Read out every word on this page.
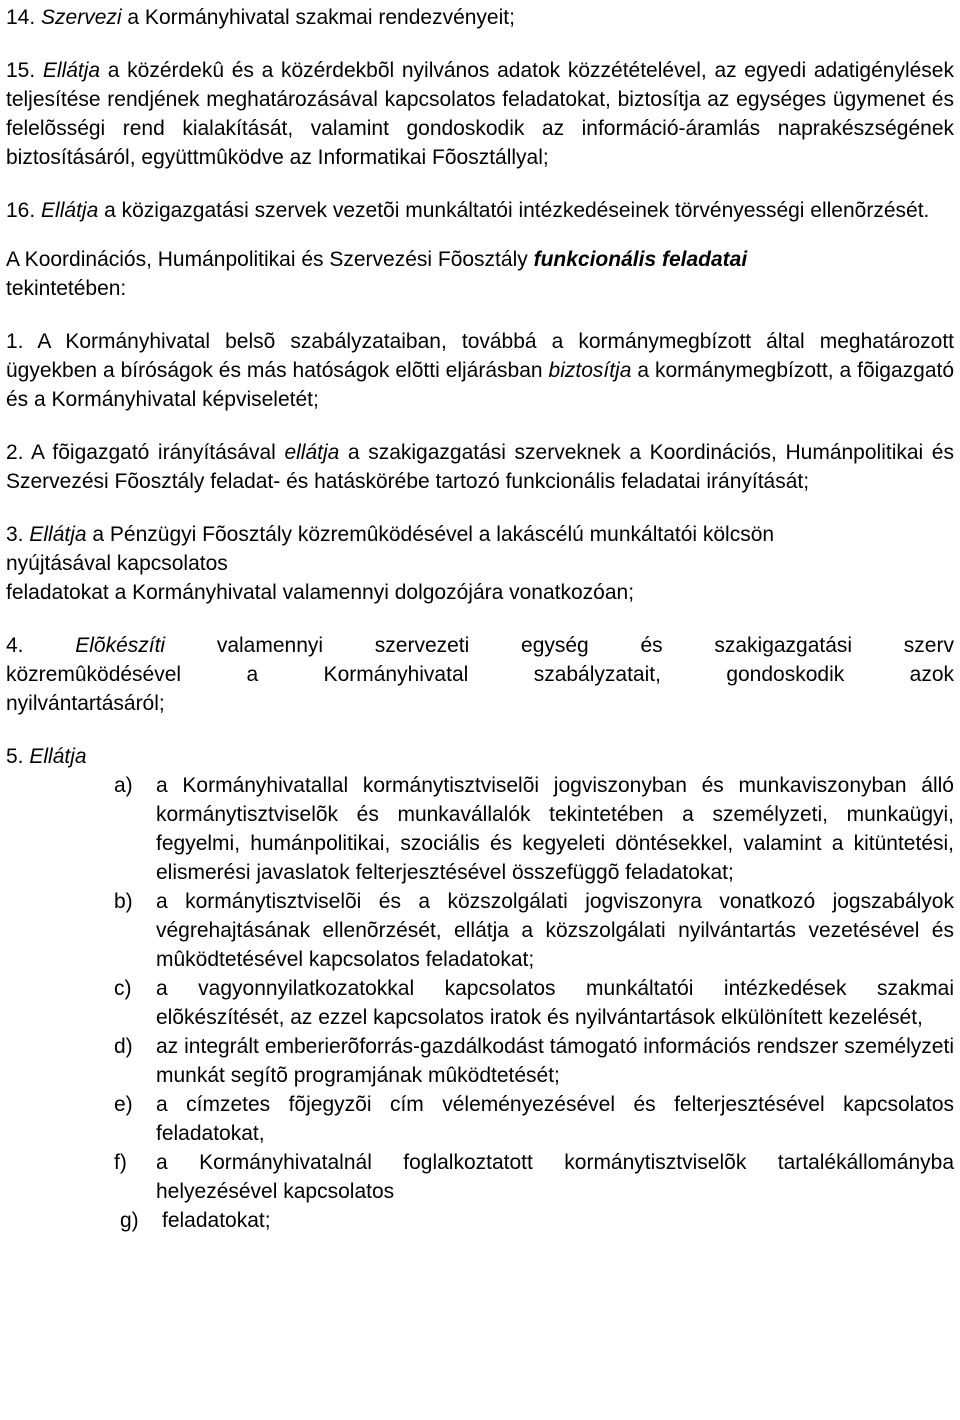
14. Szervezi a Kormányhivatal szakmai rendezvényeit;

15. Ellátja a közérdekû és a közérdekbõl nyilvános adatok közzétételével, az egyedi adatigénylések teljesítése rendjének meghatározásával kapcsolatos feladatokat, biztosítja az egységes ügymenet és felelõsségi rend kialakítását, valamint gondoskodik az információ-áramlás naprakészségének biztosításáról, együttmûködve az Informatikai Fõosztállyal;

16. Ellátja a közigazgatási szervek vezetõi munkáltatói intézkedéseinek törvényességi ellenõrzését.

A Koordinációs, Humánpolitikai és Szervezési Fõosztály funkcionális feladatai
tekintetében:

1. A Kormányhivatal belsõ szabályzataiban, továbbá a kormánymegbízott által meghatározott ügyekben a bíróságok és más hatóságok elõtti eljárásban biztosítja a kormánymegbízott, a fõigazgató és a Kormányhivatal képviseletét;

2. A fõigazgató irányításával ellátja a szakigazgatási szerveknek a Koordinációs, Humánpolitikai és Szervezési Fõosztály feladat- és hatáskörébe tartozó funkcionális feladatai irányítását;

3. Ellátja a Pénzügyi Fõosztály közremûködésével a lakáscélú munkáltatói kölcsön

nyújtásával kapcsolatos

feladatokat a Kormányhivatal valamennyi dolgozójára vonatkozóan;

4. Elõkészíti valamennyi szervezeti egység és szakigazgatási szerv

közremûködésével a Kormányhivatal szabályzatait, gondoskodik azok

nyilvántartásáról;

5. Ellátja

a)	a Kormányhivatallal kormánytisztviselõi jogviszonyban és munkaviszonyban álló kormánytisztviselõk és munkavállalók tekintetében a személyzeti, munkaügyi, fegyelmi, humánpolitikai, szociális és kegyeleti döntésekkel, valamint a kitüntetési, elismerési javaslatok felterjesztésével összefüggõ feladatokat;
b)	a kormánytisztviselõi és a közszolgálati jogviszonyra vonatkozó jogszabályok végrehajtásának ellenõrzését, ellátja a közszolgálati nyilvántartás vezetésével és mûködtetésével kapcsolatos feladatokat;
c)	a vagyonnyilatkozatokkal kapcsolatos munkáltatói intézkedések szakmai elõkészítését, az ezzel kapcsolatos iratok és nyilvántartások elkülönített kezelését,
d)	az integrált emberierõforrás-gazdálkodást támogató információs rendszer személyzeti munkát segítõ programjának mûködtetését;
e)	a címzetes fõjegyzõi cím véleményezésével és felterjesztésével kapcsolatos feladatokat,
f)	a Kormányhivatalnál foglalkoztatott kormánytisztviselõk tartalékállományba helyezésével kapcsolatos
g)	feladatokat;
